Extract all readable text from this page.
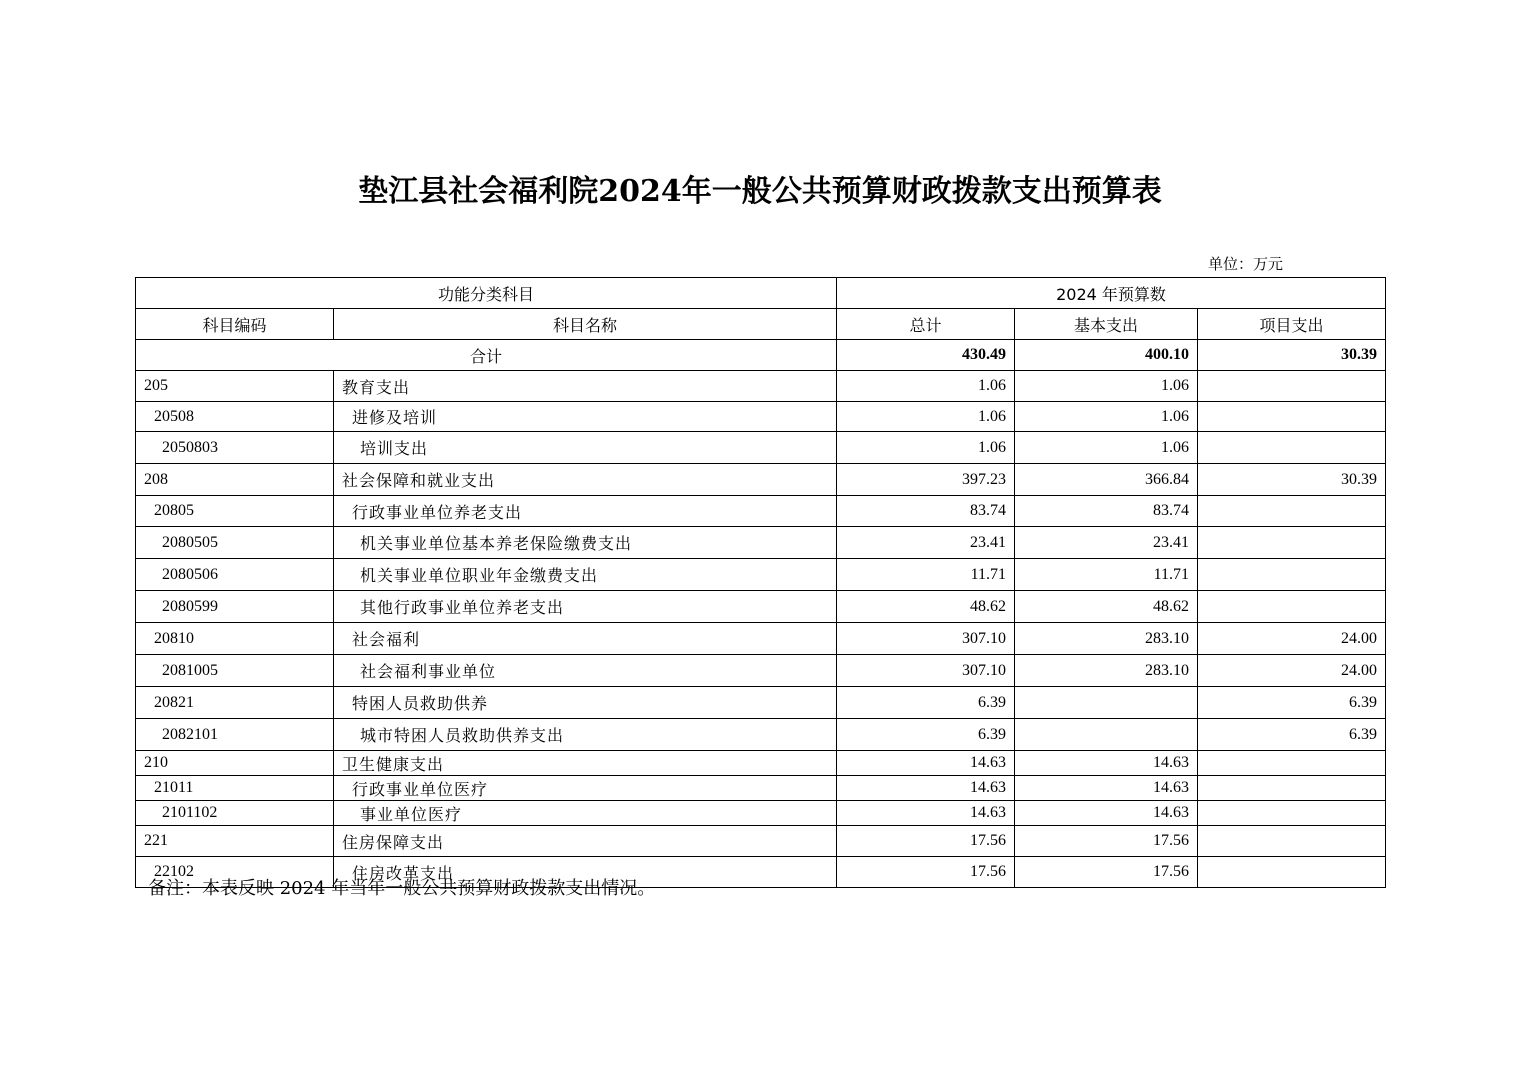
垫江县社会福利院2024年一般公共预算财政拨款支出预算表
单位：万元
功能分类科目		2024 年预算数		
科目编码	科目名称	总计	基本支出	项目支出
合计		430.49	400.10	30.39
205	教育支出	1.06	1.06	
20508	进修及培训	1.06	1.06	
2050803	培训支出	1.06	1.06	
208	社会保障和就业支出	397.23	366.84	30.39
20805	行政事业单位养老支出	83.74	83.74	
2080505	机关事业单位基本养老保险缴费支出	23.41	23.41	
2080506	机关事业单位职业年金缴费支出	11.71	11.71	
2080599	其他行政事业单位养老支出	48.62	48.62	
20810	社会福利	307.10	283.10	24.00
2081005	社会福利事业单位	307.10	283.10	24.00
20821	特困人员救助供养	6.39		6.39
2082101	城市特困人员救助供养支出	6.39		6.39
210	卫生健康支出	14.63	14.63	
21011	行政事业单位医疗	14.63	14.63	
2101102	事业单位医疗	14.63	14.63	
221	住房保障支出	17.56	17.56	
22102	住房改革支出	17.56	17.56	
备注：本表反映 2024 年当年一般公共预算财政拨款支出情况。
